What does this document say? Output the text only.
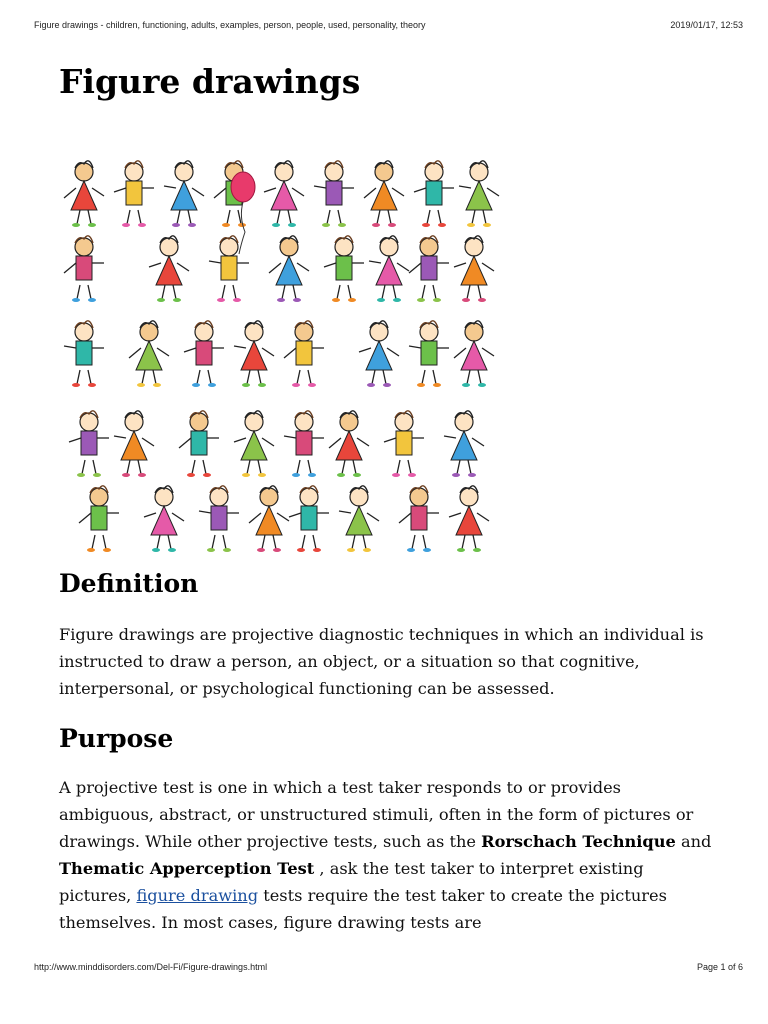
Figure drawings - children, functioning, adults, examples, person, people, used, personality, theory	2019/01/17, 12:53
Figure drawings
Definition

Figure drawings are projective diagnostic techniques in which an individual is instructed to draw a person, an object, or a situation so that cognitive, interpersonal, or psychological functioning can be assessed.

Purpose

A projective test is one in which a test taker responds to or provides ambiguous, abstract, or unstructured stimuli, often in the form of pictures or drawings. While other projective tests, such as the Rorschach Technique and Thematic Apperception Test , ask the test taker to interpret existing pictures, figure drawing tests require the test taker to create the pictures themselves. In most cases, figure drawing tests are

http://www.minddisorders.com/Del-Fi/Figure-drawings.html	Page 1 of 6
